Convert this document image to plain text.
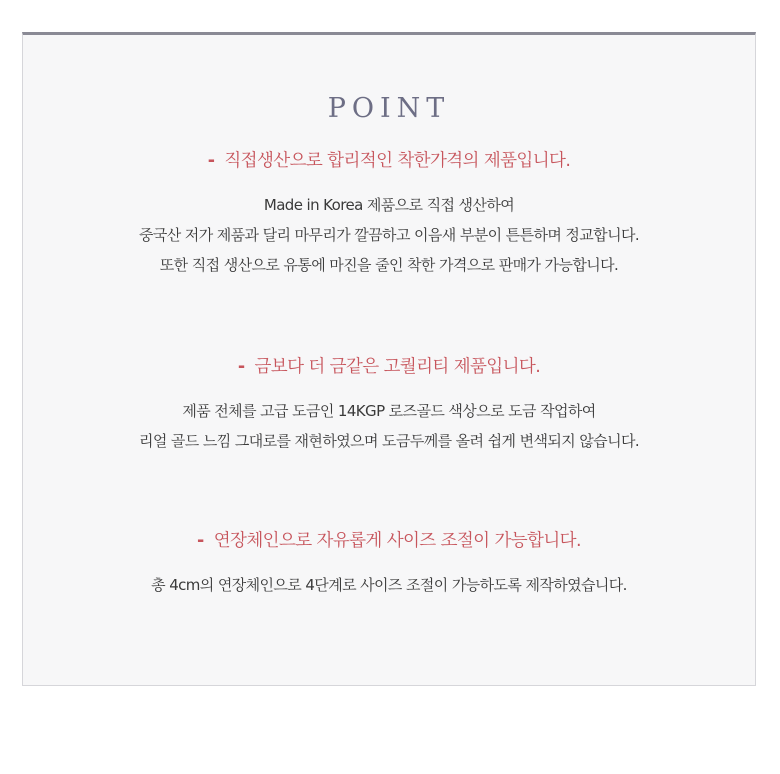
POINT
- 직접생산으로 합리적인 착한가격의 제품입니다.
Made in Korea 제품으로 직접 생산하여
중국산 저가 제품과 달리 마무리가 깔끔하고 이음새 부분이 튼튼하며 정교합니다.
또한 직접 생산으로 유통에 마진을 줄인 착한 가격으로 판매가 가능합니다.
- 금보다 더 금같은 고퀄리티 제품입니다.
제품 전체를 고급 도금인 14KGP 로즈골드 색상으로 도금 작업하여
리얼 골드 느낌 그대로를 재현하였으며 도금두께를 올려 쉽게 변색되지 않습니다.
- 연장체인으로 자유롭게 사이즈 조절이 가능합니다.
총 4cm의 연장체인으로 4단계로 사이즈 조절이 가능하도록 제작하였습니다.
